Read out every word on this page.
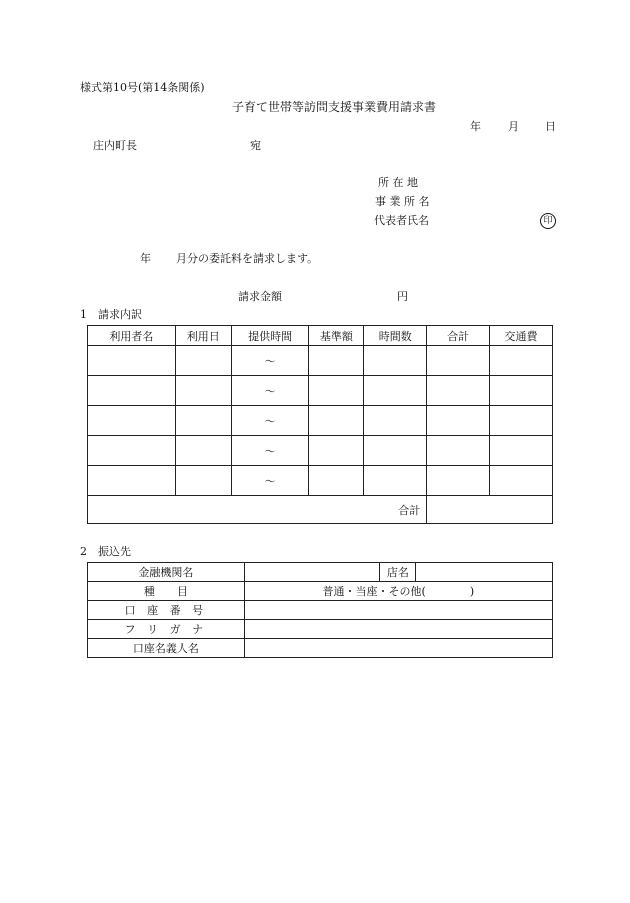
様式第10号(第14条関係)
子育て世帯等訪問支援事業費用請求書
年 月 日
庄内町長	宛
所 在 地
事 業 所 名
代表者氏名	印
年 月分の委託料を請求します。
請求金額	円
1　請求内訳
利用者名	利用日	提供時間	基準額	時間数	合計	交通費
		～				
		～				
		～				
		～				
		～				
合計						
2　振込先
金融機関名		店名	
種　　目	普通・当座・その他(　　　　)		
口 座 番 号			
フ リ ガ ナ			
口座名義人名			
